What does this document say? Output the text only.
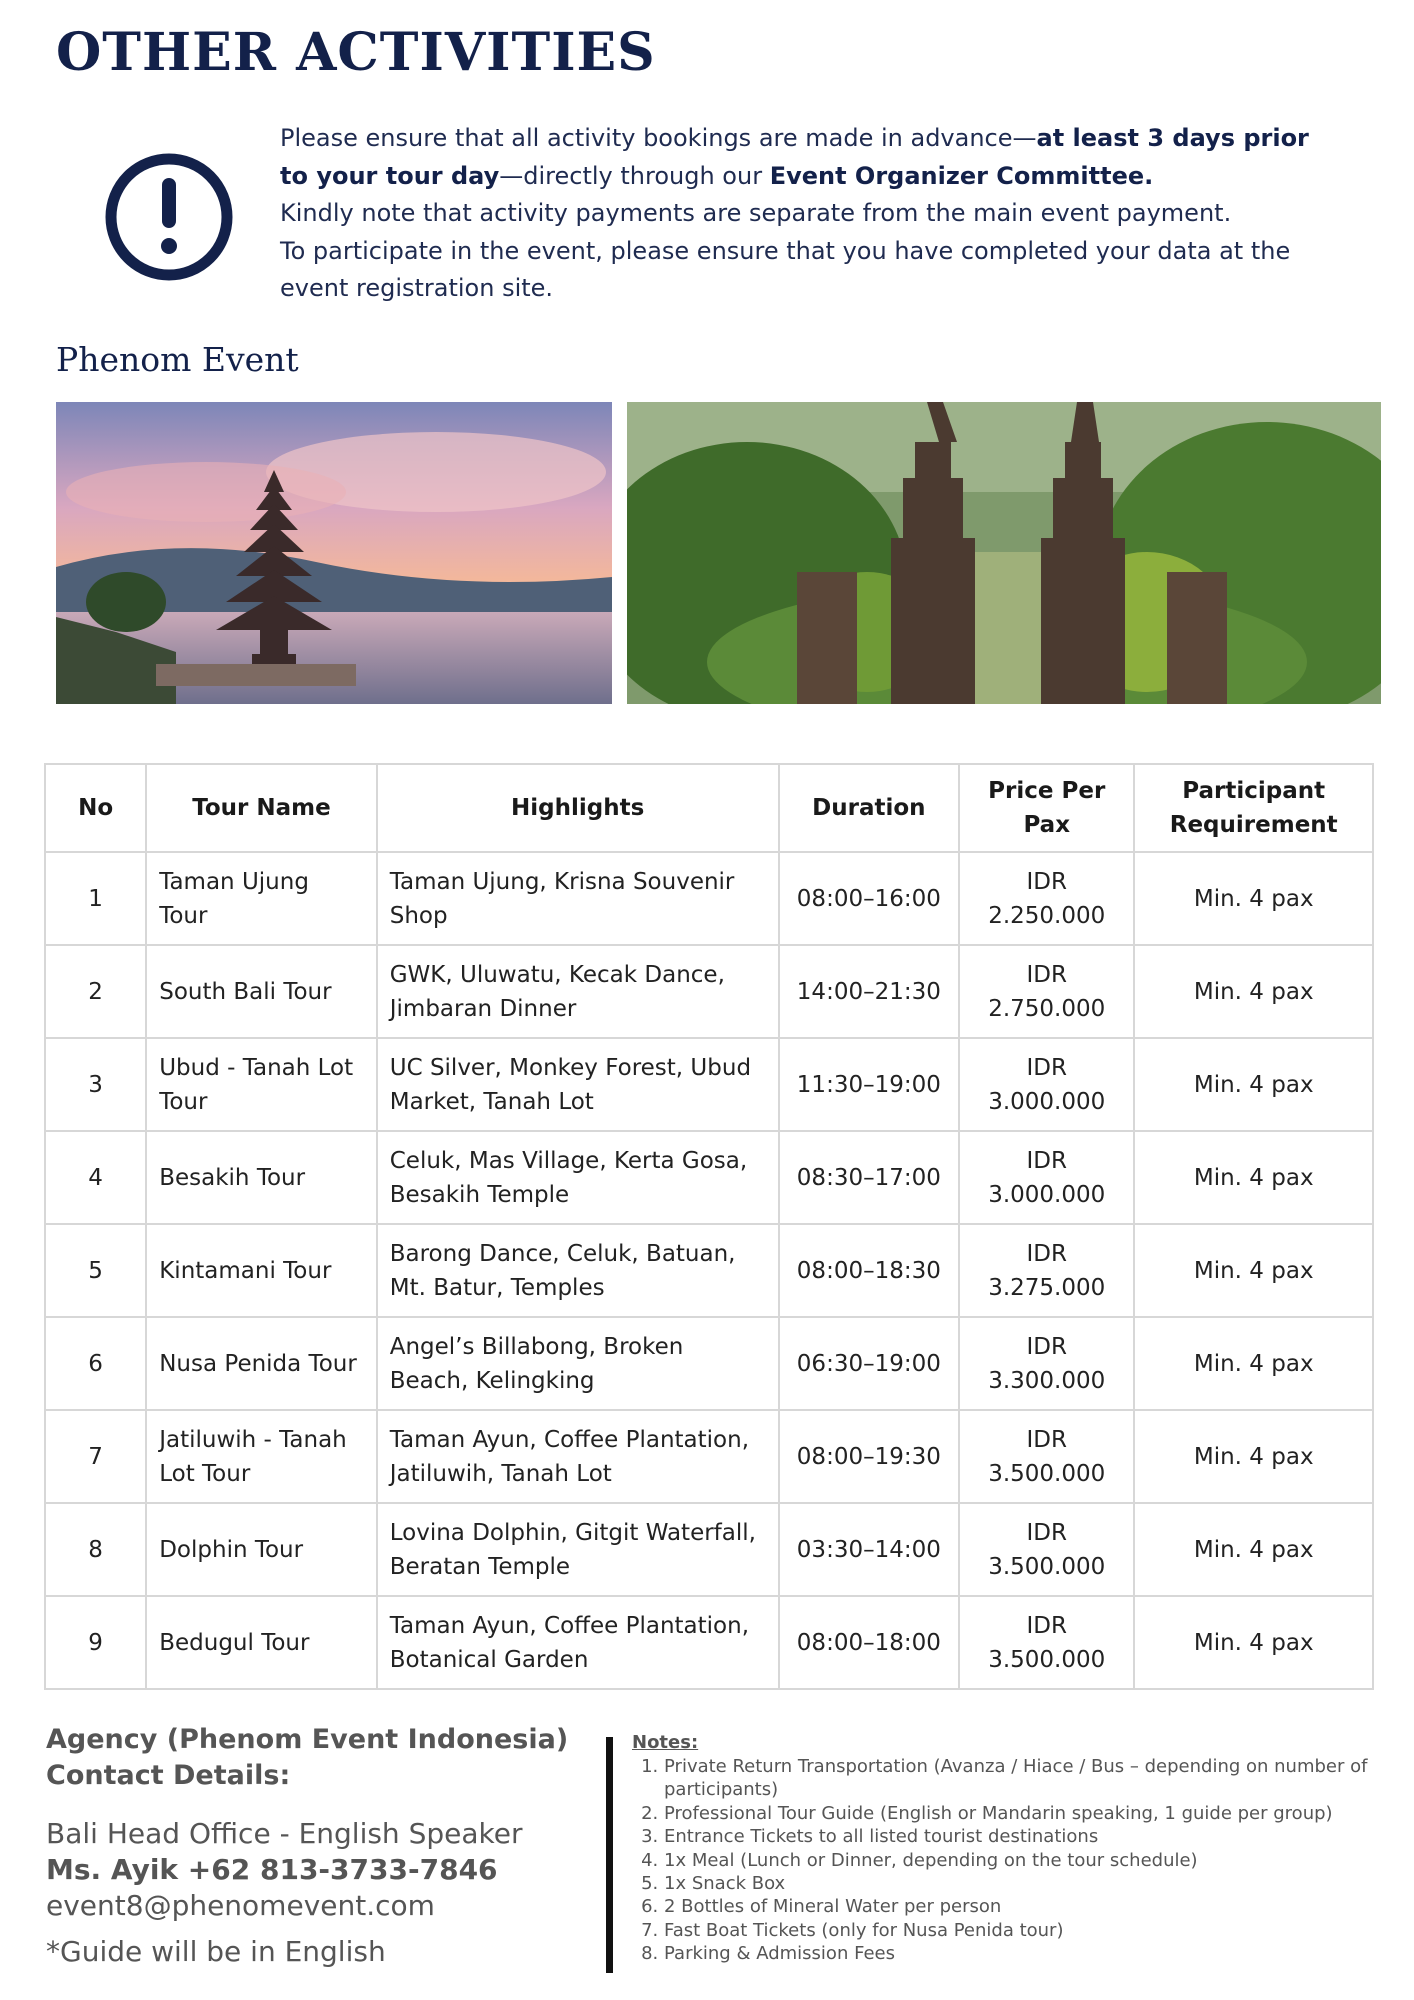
OTHER ACTIVITIES

Please ensure that all activity bookings are made in advance—at least 3 days prior to your tour day—directly through our Event Organizer Committee.

Kindly note that activity payments are separate from the main event payment.

To participate in the event, please ensure that you have completed your data at the event registration site.

Phenom Event
No	Tour Name	Highlights	Duration	Price Per Pax	Participant Requirement
1	Taman Ujung Tour	Taman Ujung, Krisna Souvenir Shop	08:00–16:00	IDR 2.250.000	Min. 4 pax
2	South Bali Tour	GWK, Uluwatu, Kecak Dance, Jimbaran Dinner	14:00–21:30	IDR 2.750.000	Min. 4 pax
3	Ubud - Tanah Lot Tour	UC Silver, Monkey Forest, Ubud Market, Tanah Lot	11:30–19:00	IDR 3.000.000	Min. 4 pax
4	Besakih Tour	Celuk, Mas Village, Kerta Gosa, Besakih Temple	08:30–17:00	IDR 3.000.000	Min. 4 pax
5	Kintamani Tour	Barong Dance, Celuk, Batuan, Mt. Batur, Temples	08:00–18:30	IDR 3.275.000	Min. 4 pax
6	Nusa Penida Tour	Angel’s Billabong, Broken Beach, Kelingking	06:30–19:00	IDR 3.300.000	Min. 4 pax
7	Jatiluwih - Tanah Lot Tour	Taman Ayun, Coffee Plantation, Jatiluwih, Tanah Lot	08:00–19:30	IDR 3.500.000	Min. 4 pax
8	Dolphin Tour	Lovina Dolphin, Gitgit Waterfall, Beratan Temple	03:30–14:00	IDR 3.500.000	Min. 4 pax
9	Bedugul Tour	Taman Ayun, Coffee Plantation, Botanical Garden	08:00–18:00	IDR 3.500.000	Min. 4 pax
Agency (Phenom Event Indonesia)
Contact Details:
Bali Head Office - English Speaker
Ms. Ayik +62 813-3733-7846
event8@phenomevent.com
*Guide will be in English
Notes:
1. Private Return Transportation (Avanza / Hiace / Bus – depending on number of participants)
2. Professional Tour Guide (English or Mandarin speaking, 1 guide per group)
3. Entrance Tickets to all listed tourist destinations
4. 1x Meal (Lunch or Dinner, depending on the tour schedule)
5. 1x Snack Box
6. 2 Bottles of Mineral Water per person
7. Fast Boat Tickets (only for Nusa Penida tour)
8. Parking & Admission Fees
